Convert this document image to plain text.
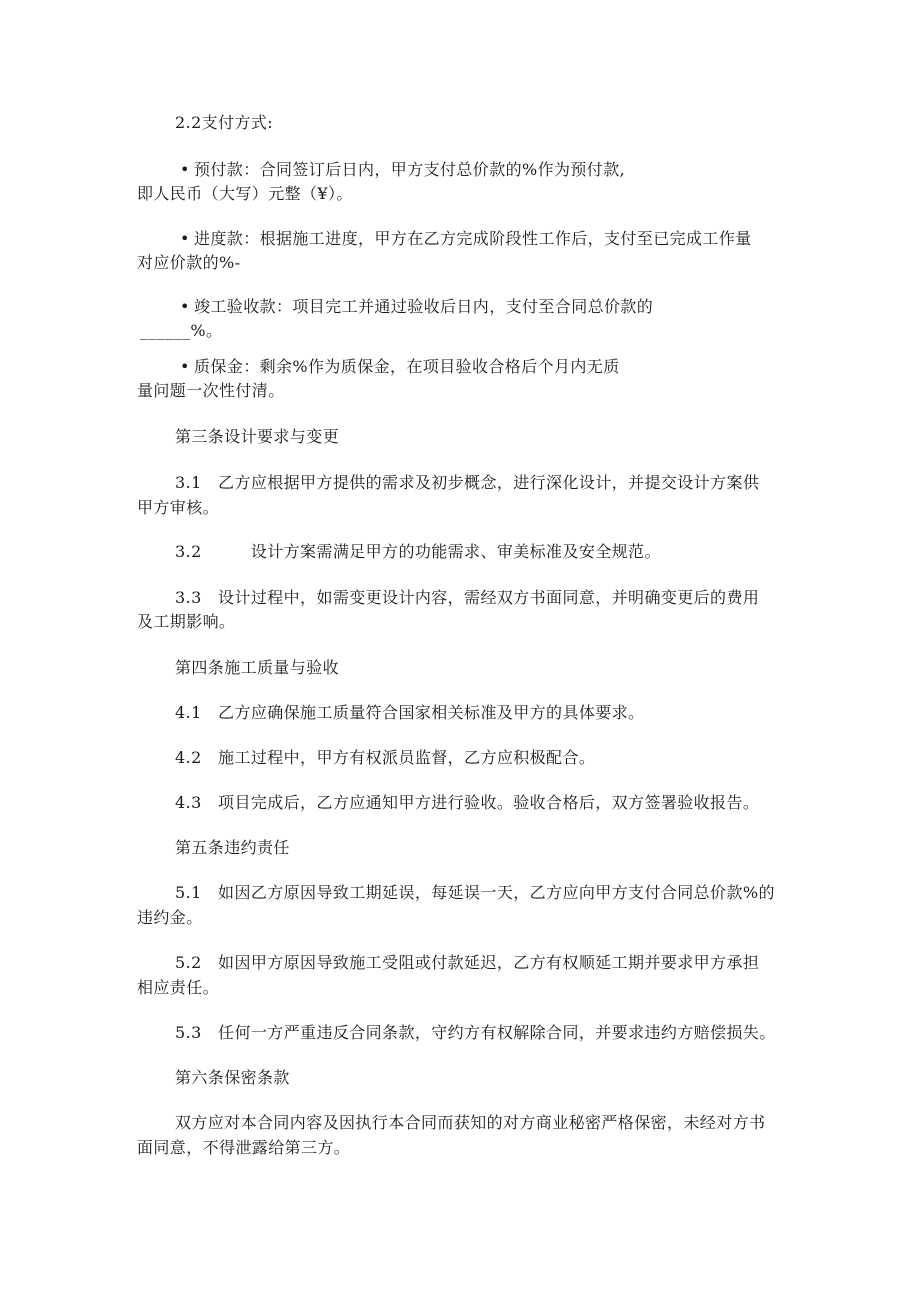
2.2支付方式:
• 预付款：合同签订后日内，甲方支付总价款的%作为预付款,
即人民币（大写）元整（¥）。
• 进度款：根据施工进度，甲方在乙方完成阶段性工作后，支付至已完成工作量
对应价款的%-
• 竣工验收款：项目完工并通过验收后日内，支付至合同总价款的
______%。
• 质保金：剩余%作为质保金，在项目验收合格后个月内无质
量问题一次性付清。
第三条设计要求与变更
3.1　乙方应根据甲方提供的需求及初步概念，进行深化设计，并提交设计方案供
甲方审核。
3.2　　　设计方案需满足甲方的功能需求、审美标准及安全规范。
3.3　设计过程中，如需变更设计内容，需经双方书面同意，并明确变更后的费用
及工期影响。
第四条施工质量与验收
4.1　乙方应确保施工质量符合国家相关标准及甲方的具体要求。
4.2　施工过程中，甲方有权派员监督，乙方应积极配合。
4.3　项目完成后，乙方应通知甲方进行验收。验收合格后，双方签署验收报告。
第五条违约责任
5.1　如因乙方原因导致工期延误，每延误一天，乙方应向甲方支付合同总价款%的
违约金。
5.2　如因甲方原因导致施工受阻或付款延迟，乙方有权顺延工期并要求甲方承担
相应责任。
5.3　任何一方严重违反合同条款，守约方有权解除合同，并要求违约方赔偿损失。
第六条保密条款
双方应对本合同内容及因执行本合同而获知的对方商业秘密严格保密，未经对方书
面同意，不得泄露给第三方。
